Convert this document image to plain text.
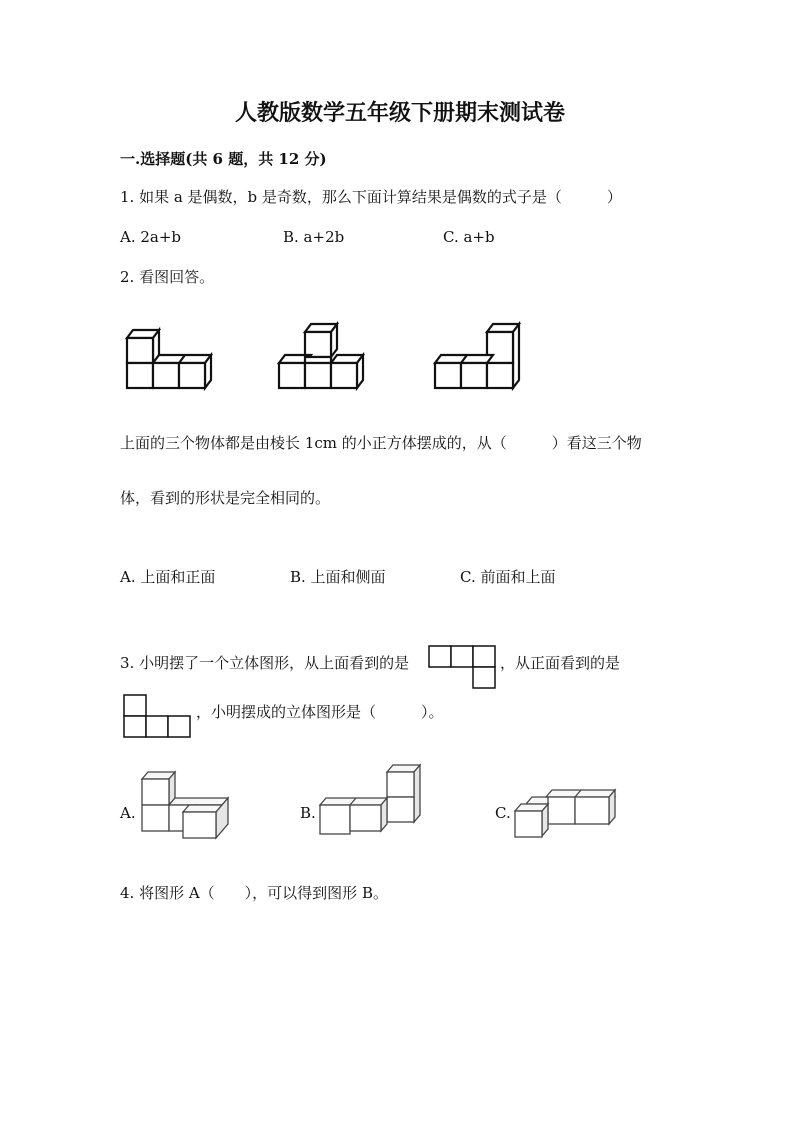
人教版数学五年级下册期末测试卷
一.选择题(共 6 题，共 12 分)
1. 如果 a 是偶数，b 是奇数，那么下面计算结果是偶数的式子是（　　　）
A. 2a+b	B. a+2b	C. a+b
2. 看图回答。
上面的三个物体都是由棱长 1cm 的小正方体摆成的，从（　　　）看这三个物
体，看到的形状是完全相同的。
A. 上面和正面	B. 上面和侧面	C. 前面和上面
3. 小明摆了一个立体图形，从上面看到的是	，从正面看到的是
，小明摆成的立体图形是（　　　）。
A.	B.	C.
4. 将图形 A（　　），可以得到图形 B。
